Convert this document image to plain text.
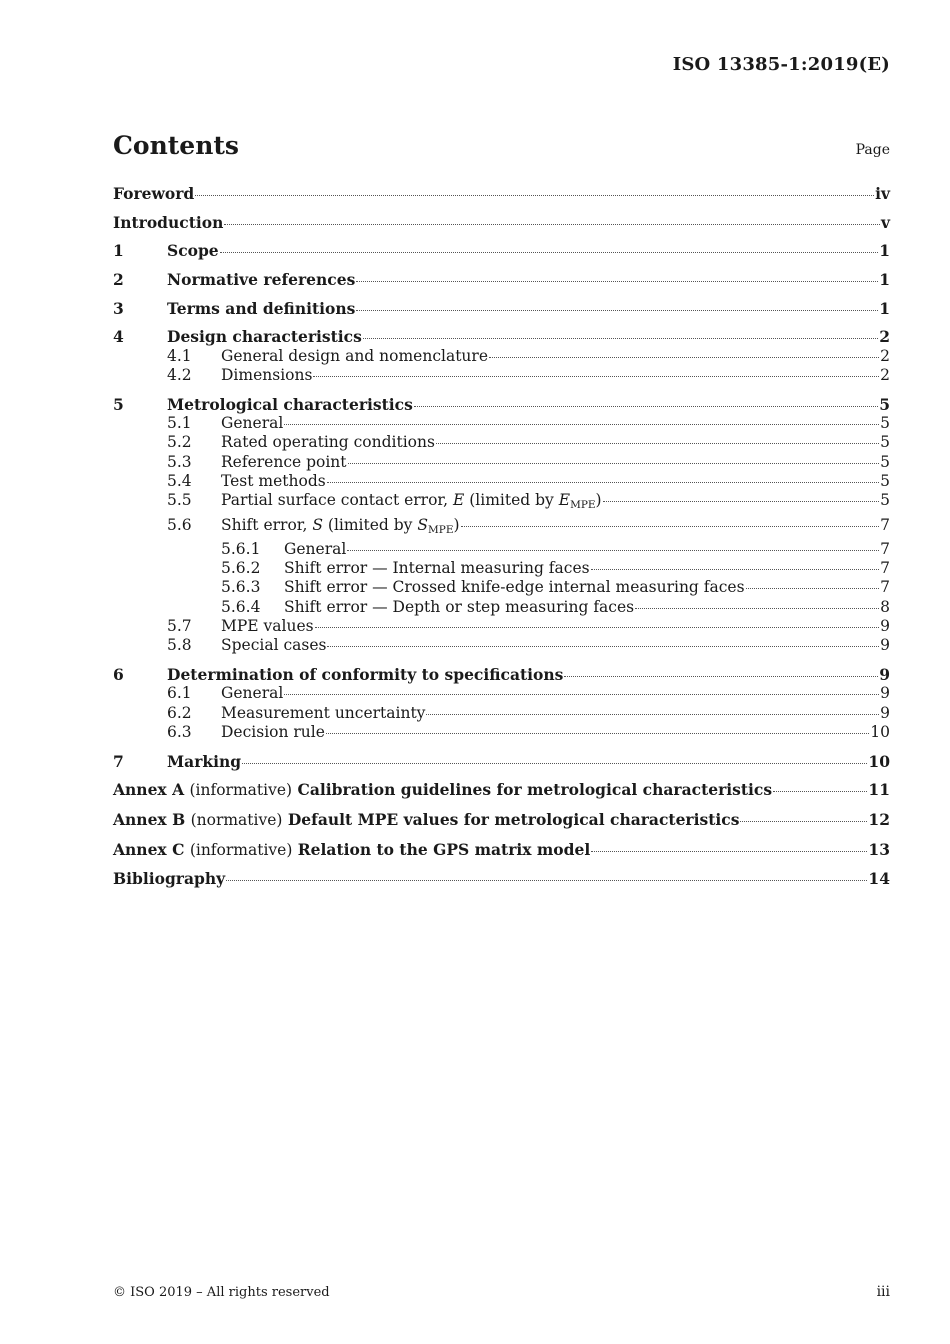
ISO 13385-1:2019(E)
Contents	Page
Foreword	iv
Introduction	v
1	Scope	1
2	Normative references	1
3	Terms and definitions	1
4	Design characteristics	2
4.1	General design and nomenclature	2
4.2	Dimensions	2
5	Metrological characteristics	5
5.1	General	5
5.2	Rated operating conditions	5
5.3	Reference point	5
5.4	Test methods	5
5.5	Partial surface contact error, E (limited by $E_{MPE}$)	5
5.6	Shift error, S (limited by $S_{MPE}$)	7
5.6.1	General	7
5.6.2	Shift error — Internal measuring faces	7
5.6.3	Shift error — Crossed knife-edge internal measuring faces	7
5.6.4	Shift error — Depth or step measuring faces	8
5.7	MPE values	9
5.8	Special cases	9
6	Determination of conformity to specifications	9
6.1	General	9
6.2	Measurement uncertainty	9
6.3	Decision rule	10
7	Marking	10
Annex A (informative) Calibration guidelines for metrological characteristics	11
Annex B (normative) Default MPE values for metrological characteristics	12
Annex C (informative) Relation to the GPS matrix model	13
Bibliography	14
© ISO 2019 – All rights reserved	iii
